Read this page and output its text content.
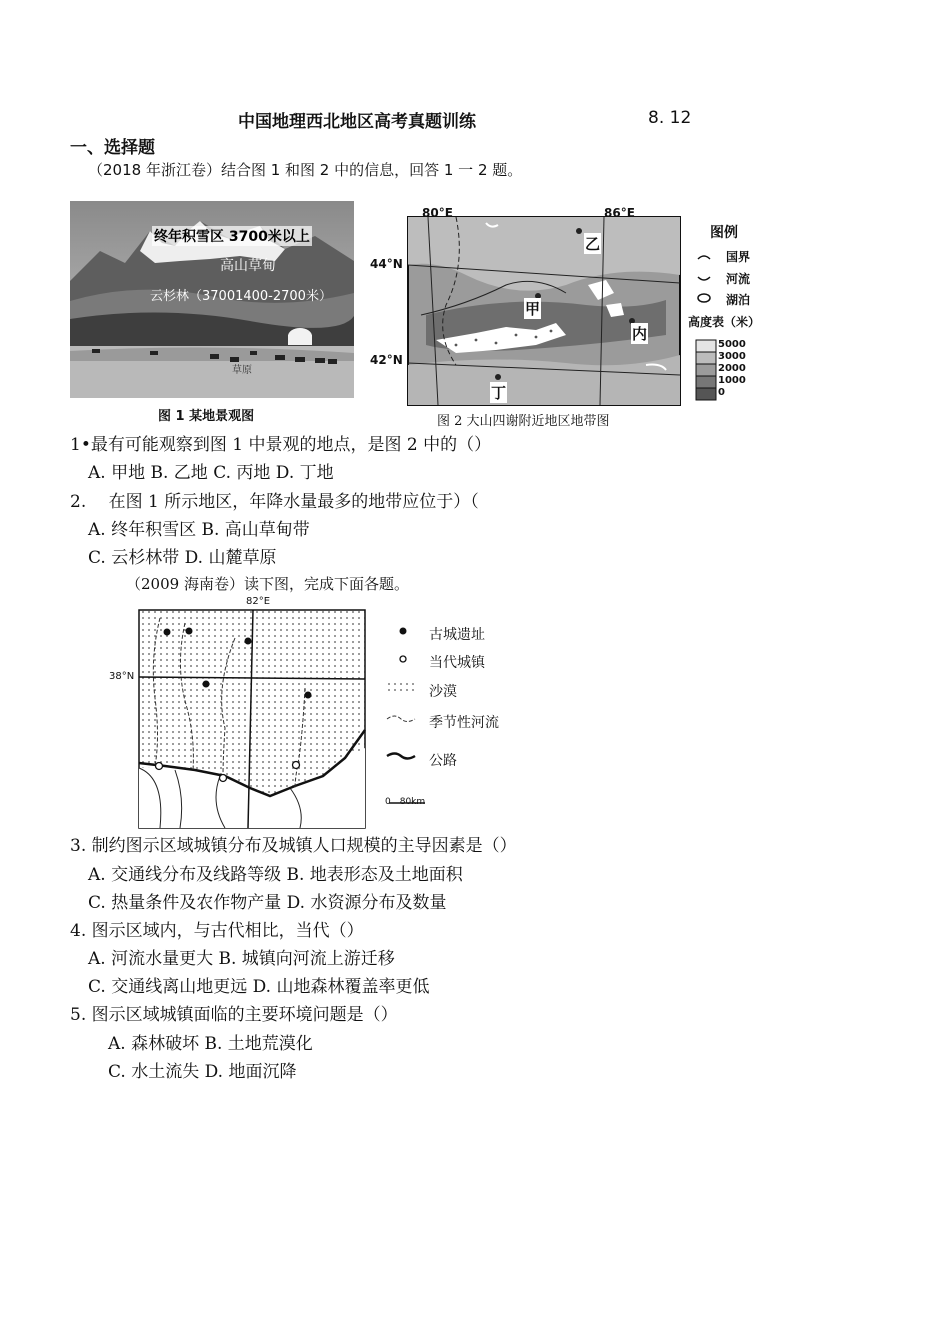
中国地理西北地区高考真题训练	8. 12
一、选择题
（2018 年浙江卷）结合图 1 和图 2 中的信息，回答 1 一 2 题。
终年积雪区 3700米以上
高山草甸
云杉林（37001400-2700米）
草原
图 1 某地景观图
80°E	86°E
44°N
42°N
乙
甲
内
丁
图例
国界
河流
湖泊
高度表（米）
5000
3000
2000
1000
0
图 2 大山四谢附近地区地带图
1•最有可能观察到图 1 中景观的地点，是图 2 中的（）
A. 甲地 B. 乙地 C. 丙地 D. 丁地
2.　 在图 1 所示地区，年降水量最多的地带应位于）（
A. 终年积雪区 B. 高山草甸带
C. 云杉林带 D. 山麓草原
（2009 海南卷）读下图，完成下面各题。
82°E
38°N
古城遗址
当代城镇
沙漠
季节性河流
公路
0　80km
3. 制约图示区域城镇分布及城镇人口规模的主导因素是（）
A. 交通线分布及线路等级 B. 地表形态及土地面积
C. 热量条件及农作物产量 D. 水资源分布及数量
4. 图示区域内，与古代相比，当代（）
A. 河流水量更大 B. 城镇向河流上游迁移
C. 交通线离山地更远 D. 山地森林覆盖率更低
5. 图示区域城镇面临的主要环境问题是（）
A. 森林破坏 B. 土地荒漠化
C. 水土流失 D. 地面沉降
